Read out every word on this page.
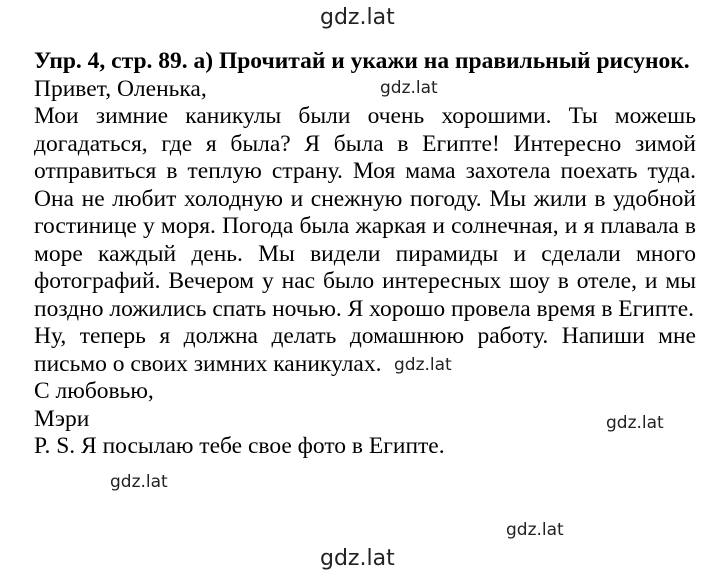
gdz.lat

Упр. 4, стр. 89. а) Прочитай и укажи на правильный рисунок.

Привет, Оленька,

Мои зимние каникулы были очень хорошими. Ты можешь догадаться, где я была? Я была в Египте! Интересно зимой отправиться в теплую страну. Моя мама захотела поехать туда. Она не любит холодную и снежную погоду. Мы жили в удобной гостинице у моря. Погода была жаркая и солнечная, и я плавала в море каждый день. Мы видели пирамиды и сделали много фотографий. Вечером у нас было интересных шоу в отеле, и мы поздно ложились спать ночью. Я хорошо провела время в Египте.

Ну, теперь я должна делать домашнюю работу. Напиши мне письмо о своих зимних каникулах.

С любовью,

Мэри

P. S. Я посылаю тебе свое фото в Египте.

gdz.lat
gdz.lat
gdz.lat
gdz.lat
gdz.lat
gdz.lat
